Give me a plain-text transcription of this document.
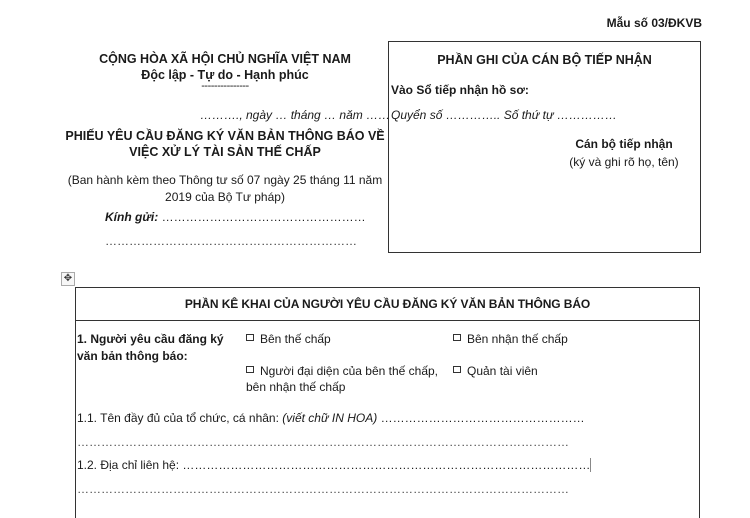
Mẫu số 03/ĐKVB
CỘNG HÒA XÃ HỘI CHỦ NGHĨA VIỆT NAM
Độc lập - Tự do - Hạnh phúc
---------------
………., ngày … tháng … năm ……
PHIẾU YÊU CẦU ĐĂNG KÝ VĂN BẢN THÔNG BÁO VỀ VIỆC XỬ LÝ TÀI SẢN THẾ CHẤP
(Ban hành kèm theo Thông tư số 07 ngày 25 tháng 11 năm 2019 của Bộ Tư pháp)
Kính gửi: ……………………………………………
………………………………………………………
PHẦN GHI CỦA CÁN BỘ TIẾP NHẬN
Vào Sổ tiếp nhận hồ sơ:
Quyển số ………….. Số thứ tự ……………
Cán bộ tiếp nhận
(ký và ghi rõ họ, tên)
✥
PHẦN KÊ KHAI CỦA NGƯỜI YÊU CẦU ĐĂNG KÝ VĂN BẢN THÔNG BÁO
1. Người yêu cầu đăng ký văn bản thông báo:
Bên thế chấp	Bên nhận thế chấp
Người đại diện của bên thế chấp, bên nhận thế chấp
Quản tài viên
1.1. Tên đầy đủ của tổ chức, cá nhân: (viết chữ IN HOA) ……………………………………………
……………………………………………………………………………………………………………
1.2. Địa chỉ liên hệ: …………………………………………………………………………………………
……………………………………………………………………………………………………………
